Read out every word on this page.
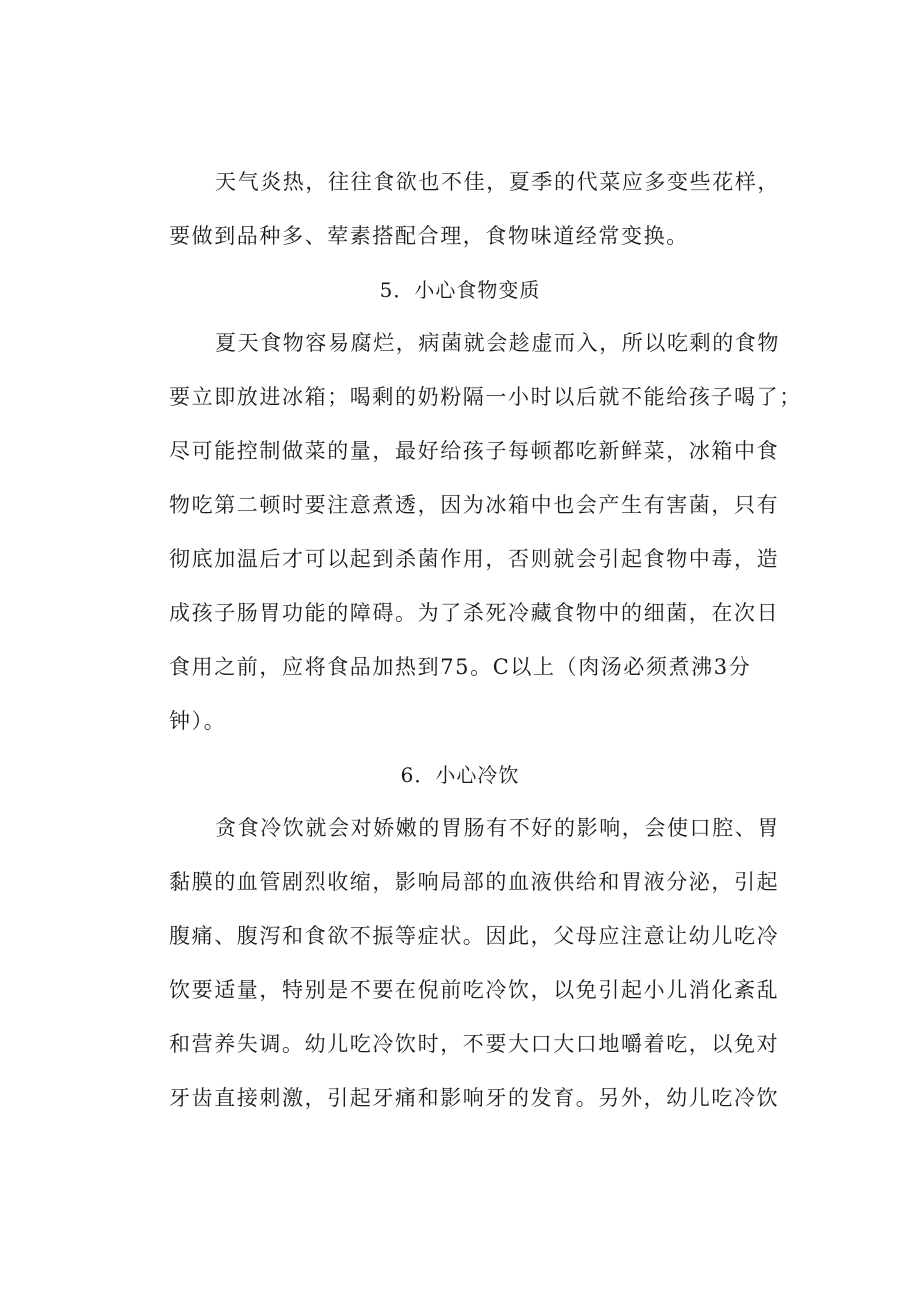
天气炎热，往往食欲也不佳，夏季的代菜应多变些花样，
要做到品种多、荤素搭配合理，食物味道经常变换。
5．小心食物变质
夏天食物容易腐烂，病菌就会趁虚而入，所以吃剩的食物
要立即放进冰箱；喝剩的奶粉隔一小时以后就不能给孩子喝了；
尽可能控制做菜的量，最好给孩子每顿都吃新鲜菜，冰箱中食
物吃第二顿时要注意煮透，因为冰箱中也会产生有害菌，只有
彻底加温后才可以起到杀菌作用，否则就会引起食物中毒，造
成孩子肠胃功能的障碍。为了杀死冷藏食物中的细菌，在次日
食用之前，应将食品加热到75。C以上（肉汤必须煮沸3分
钟）。
6．小心冷饮
贪食冷饮就会对娇嫩的胃肠有不好的影响，会使口腔、胃
黏膜的血管剧烈收缩，影响局部的血液供给和胃液分泌，引起
腹痛、腹泻和食欲不振等症状。因此，父母应注意让幼儿吃冷
饮要适量，特别是不要在倪前吃冷饮，以免引起小儿消化紊乱
和营养失调。幼儿吃冷饮时，不要大口大口地嚼着吃，以免对
牙齿直接刺激，引起牙痛和影响牙的发育。另外，幼儿吃冷饮
